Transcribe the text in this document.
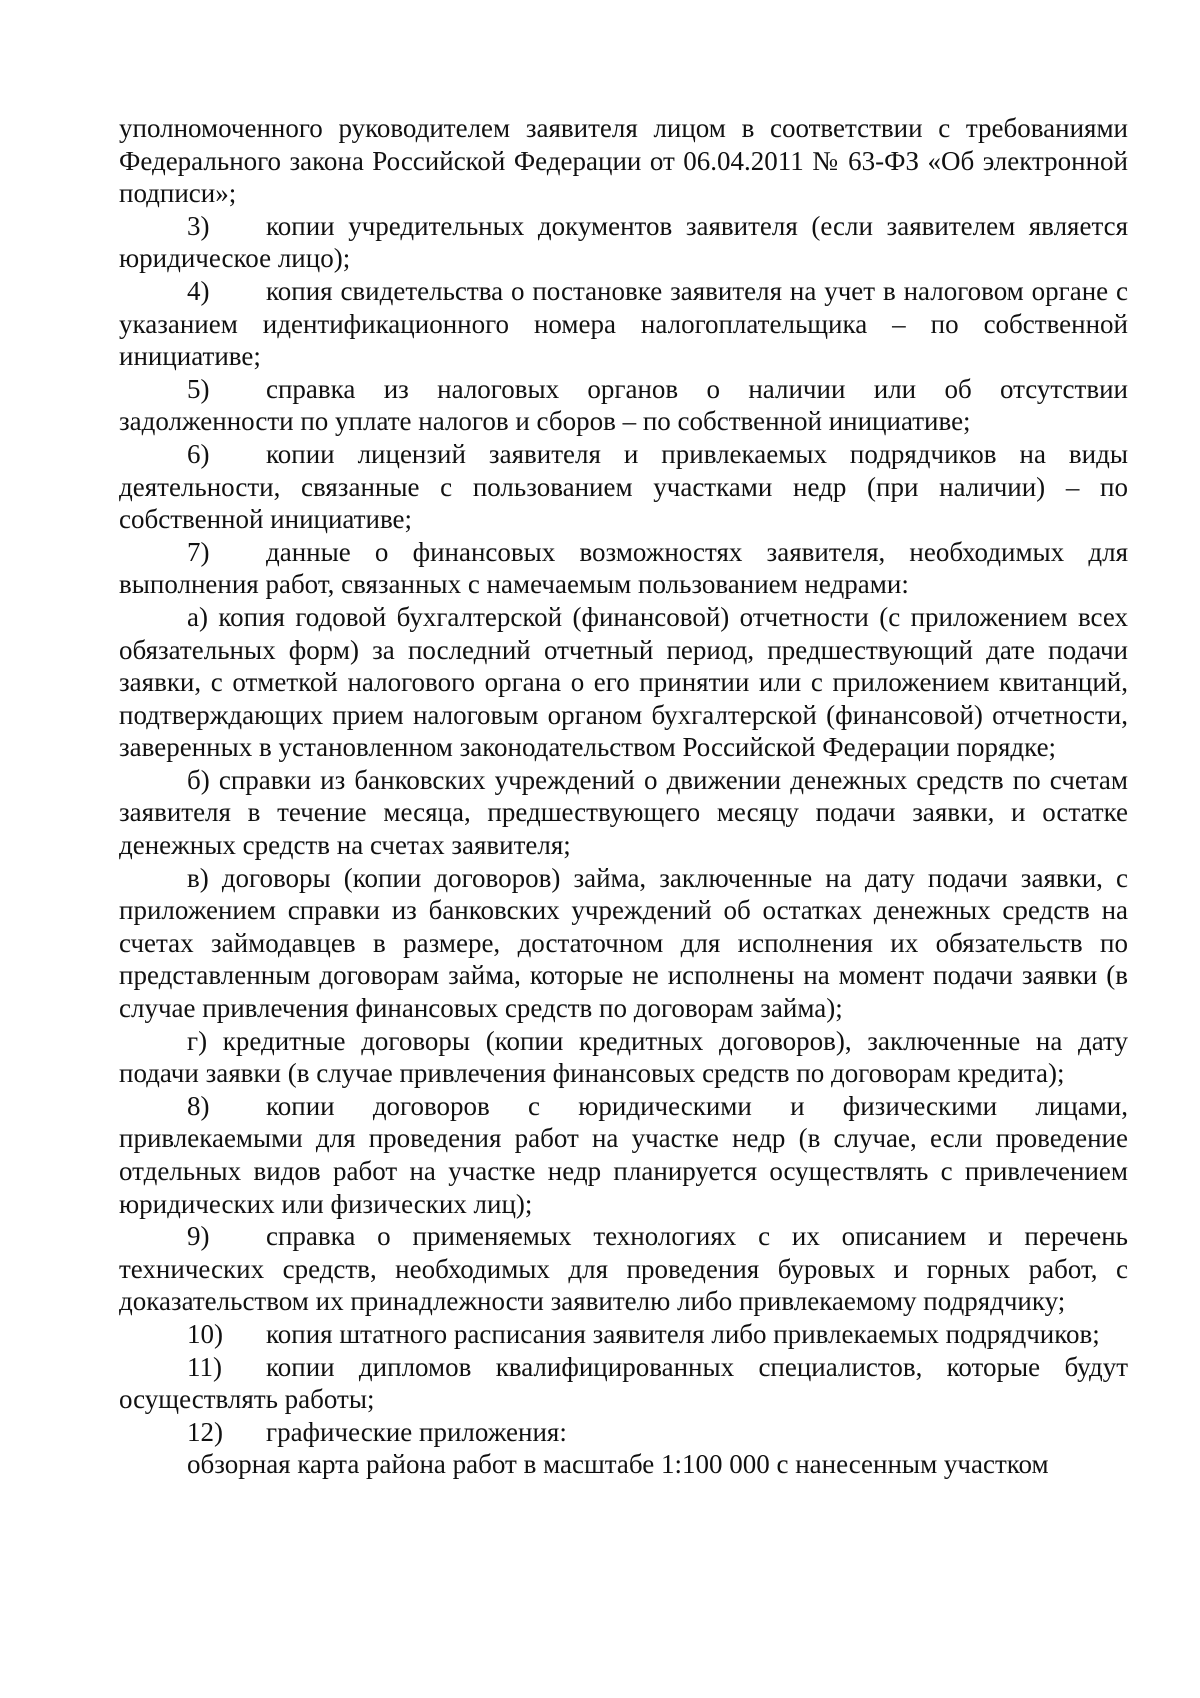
уполномоченного руководителем заявителя лицом в соответствии с требованиями Федерального закона Российской Федерации от 06.04.2011 № 63-ФЗ «Об электронной подписи»;

3) копии учредительных документов заявителя (если заявителем является юридическое лицо);

4) копия свидетельства о постановке заявителя на учет в налоговом органе с указанием идентификационного номера налогоплательщика – по собственной инициативе;

5) справка из налоговых органов о наличии или об отсутствии задолженности по уплате налогов и сборов – по собственной инициативе;

6) копии лицензий заявителя и привлекаемых подрядчиков на виды деятельности, связанные с пользованием участками недр (при наличии) – по собственной инициативе;

7) данные о финансовых возможностях заявителя, необходимых для выполнения работ, связанных с намечаемым пользованием недрами:

а) копия годовой бухгалтерской (финансовой) отчетности (с приложением всех обязательных форм) за последний отчетный период, предшествующий дате подачи заявки, с отметкой налогового органа о его принятии или с приложением квитанций, подтверждающих прием налоговым органом бухгалтерской (финансовой) отчетности, заверенных в установленном законодательством Российской Федерации порядке;

б) справки из банковских учреждений о движении денежных средств по счетам заявителя в течение месяца, предшествующего месяцу подачи заявки, и остатке денежных средств на счетах заявителя;

в) договоры (копии договоров) займа, заключенные на дату подачи заявки, с приложением справки из банковских учреждений об остатках денежных средств на счетах займодавцев в размере, достаточном для исполнения их обязательств по представленным договорам займа, которые не исполнены на момент подачи заявки (в случае привлечения финансовых средств по договорам займа);

г) кредитные договоры (копии кредитных договоров), заключенные на дату подачи заявки (в случае привлечения финансовых средств по договорам кредита);

8) копии договоров с юридическими и физическими лицами, привлекаемыми для проведения работ на участке недр (в случае, если проведение отдельных видов работ на участке недр планируется осуществлять с привлечением юридических или физических лиц);

9) справка о применяемых технологиях с их описанием и перечень технических средств, необходимых для проведения буровых и горных работ, с доказательством их принадлежности заявителю либо привлекаемому подрядчику;

10) копия штатного расписания заявителя либо привлекаемых подрядчиков;

11) копии дипломов квалифицированных специалистов, которые будут осуществлять работы;

12) графические приложения:

обзорная карта района работ в масштабе 1:100 000 с нанесенным участком
